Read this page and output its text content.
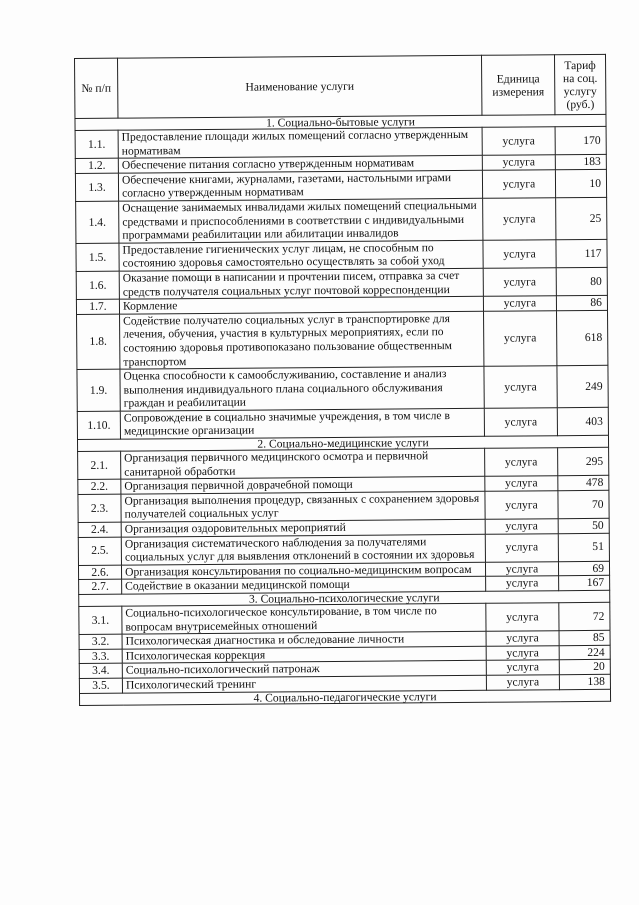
№ п/п	Наименование услуги	Единица измерения	Тариф на соц. услугу (руб.)
1. Социально-бытовые услуги			
1.1.	Предоставление площади жилых помещений согласно утвержденным нормативам	услуга	170
1.2.	Обеспечение питания согласно утвержденным нормативам	услуга	183
1.3.	Обеспечение книгами, журналами, газетами, настольными играми согласно утвержденным нормативам	услуга	10
1.4.	Оснащение занимаемых инвалидами жилых помещений специальными средствами и приспособлениями в соответствии с индивидуальными программами реабилитации или абилитации инвалидов	услуга	25
1.5.	Предоставление гигиенических услуг лицам, не способным по состоянию здоровья самостоятельно осуществлять за собой уход	услуга	117
1.6.	Оказание помощи в написании и прочтении писем, отправка за счет средств получателя социальных услуг почтовой корреспонденции	услуга	80
1.7.	Кормление	услуга	86
1.8.	Содействие получателю социальных услуг в транспортировке для лечения, обучения, участия в культурных мероприятиях, если по состоянию здоровья противопоказано пользование общественным транспортом	услуга	618
1.9.	Оценка способности к самообслуживанию, составление и анализ выполнения индивидуального плана социального обслуживания граждан и реабилитации	услуга	249
1.10.	Сопровождение в социально значимые учреждения, в том числе в медицинские организации	услуга	403
2. Социально-медицинские услуги			
2.1.	Организация первичного медицинского осмотра и первичной санитарной обработки	услуга	295
2.2.	Организация первичной доврачебной помощи	услуга	478
2.3.	Организация выполнения процедур, связанных с сохранением здоровья получателей социальных услуг	услуга	70
2.4.	Организация оздоровительных мероприятий	услуга	50
2.5.	Организация систематического наблюдения за получателями социальных услуг для выявления отклонений в состоянии их здоровья	услуга	51
2.6.	Организация консультирования по социально-медицинским вопросам	услуга	69
2.7.	Содействие в оказании медицинской помощи	услуга	167
3. Социально-психологические услуги			
3.1.	Социально-психологическое консультирование, в том числе по вопросам внутрисемейных отношений	услуга	72
3.2.	Психологическая диагностика и обследование личности	услуга	85
3.3.	Психологическая коррекция	услуга	224
3.4.	Социально-психологический патронаж	услуга	20
3.5.	Психологический тренинг	услуга	138
4. Социально-педагогические услуги			
